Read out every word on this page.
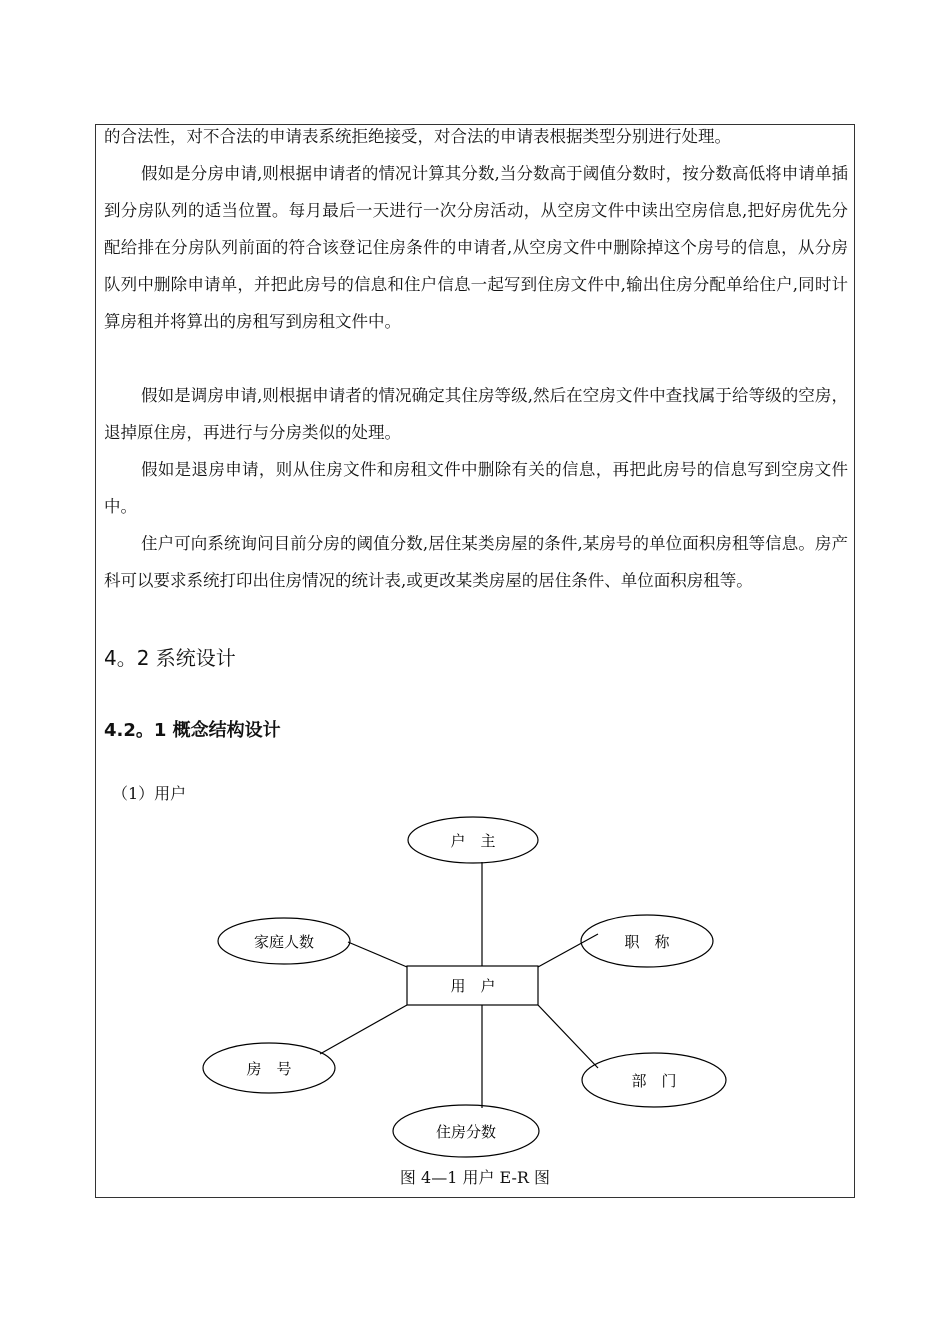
的合法性，对不合法的申请表系统拒绝接受，对合法的申请表根据类型分别进行处理。

假如是分房申请,则根据申请者的情况计算其分数,当分数高于阈值分数时，按分数高低将申请单插到分房队列的适当位置。每月最后一天进行一次分房活动，从空房文件中读出空房信息,把好房优先分配给排在分房队列前面的符合该登记住房条件的申请者,从空房文件中删除掉这个房号的信息，从分房队列中删除申请单，并把此房号的信息和住户信息一起写到住房文件中,输出住房分配单给住户,同时计算房租并将算出的房租写到房租文件中。

假如是调房申请,则根据申请者的情况确定其住房等级,然后在空房文件中查找属于给等级的空房，退掉原住房，再进行与分房类似的处理。

假如是退房申请，则从住房文件和房租文件中删除有关的信息，再把此房号的信息写到空房文件中。

住户可向系统询问目前分房的阈值分数,居住某类房屋的条件,某房号的单位面积房租等信息。房产科可以要求系统打印出住房情况的统计表,或更改某类房屋的居住条件、单位面积房租等。

4。2 系统设计
4.2。1 概念结构设计

（1）用户

用　户
户　主
家庭人数	职　称
房　号
部　门
住房分数

图 4—1 用户 E-R 图
